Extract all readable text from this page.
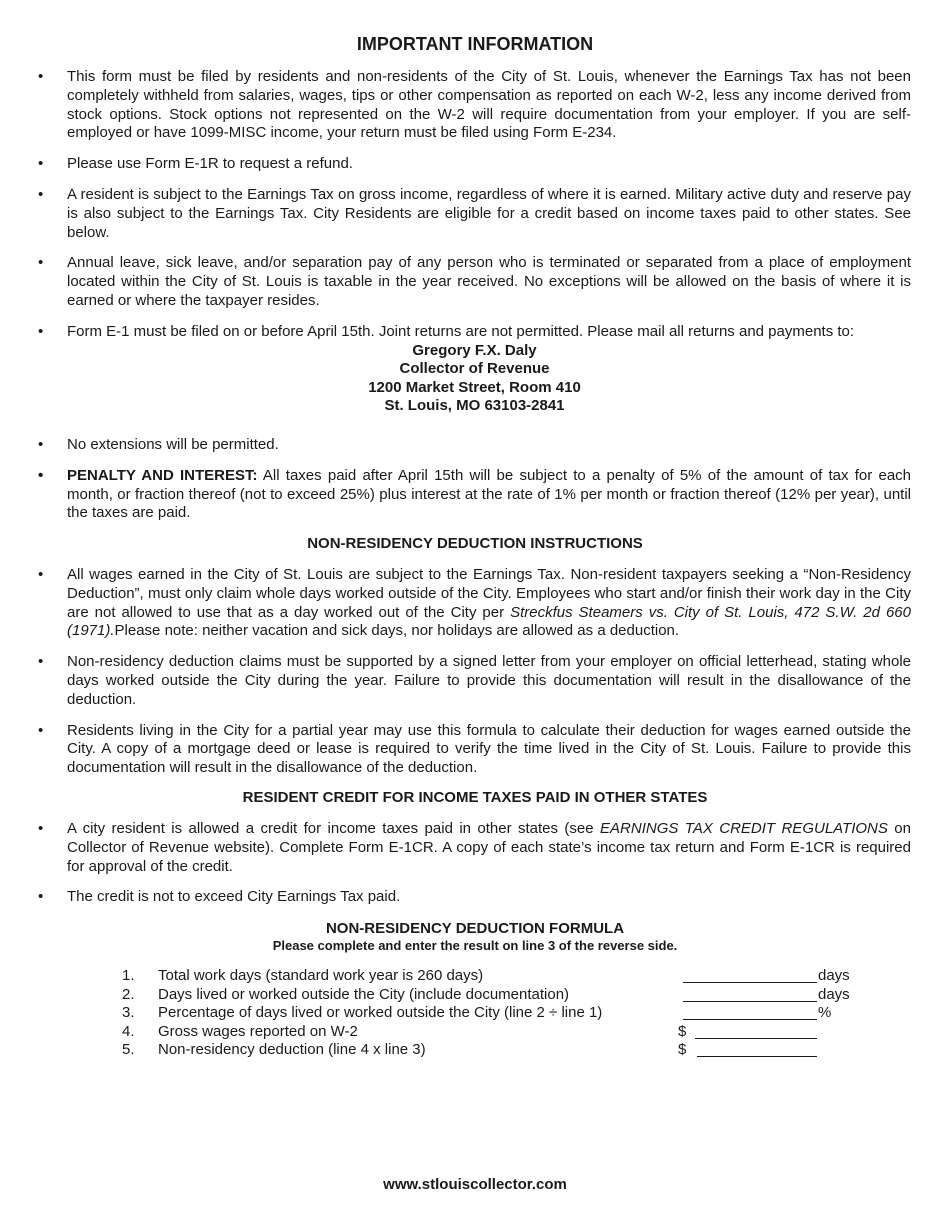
IMPORTANT INFORMATION
• This form must be filed by residents and non-residents of the City of St. Louis, whenever the Earnings Tax has not been completely withheld from salaries, wages, tips or other compensation as reported on each W-2, less any income derived from stock options. Stock options not represented on the W-2 will require documentation from your employer. If you are self-employed or have 1099-MISC income, your return must be filed using Form E-234.
• Please use Form E-1R to request a refund.
• A resident is subject to the Earnings Tax on gross income, regardless of where it is earned. Military active duty and reserve pay is also subject to the Earnings Tax. City Residents are eligible for a credit based on income taxes paid to other states. See below.
• Annual leave, sick leave, and/or separation pay of any person who is terminated or separated from a place of employment located within the City of St. Louis is taxable in the year received. No exceptions will be allowed on the basis of where it is earned or where the taxpayer resides.
• Form E-1 must be filed on or before April 15th. Joint returns are not permitted. Please mail all returns and payments to:
Gregory F.X. Daly
Collector of Revenue
1200 Market Street, Room 410
St. Louis, MO 63103-2841
• No extensions will be permitted.
• PENALTY AND INTEREST: All taxes paid after April 15th will be subject to a penalty of 5% of the amount of tax for each month, or fraction thereof (not to exceed 25%) plus interest at the rate of 1% per month or fraction thereof (12% per year), until the taxes are paid.
NON-RESIDENCY DEDUCTION INSTRUCTIONS
• All wages earned in the City of St. Louis are subject to the Earnings Tax. Non-resident taxpayers seeking a “Non-Residency Deduction”, must only claim whole days worked outside of the City. Employees who start and/or finish their work day in the City are not allowed to use that as a day worked out of the City per Streckfus Steamers vs. City of St. Louis, 472 S.W. 2d 660 (1971).Please note: neither vacation and sick days, nor holidays are allowed as a deduction.
• Non-residency deduction claims must be supported by a signed letter from your employer on official letterhead, stating whole days worked outside the City during the year. Failure to provide this documentation will result in the disallowance of the deduction.
• Residents living in the City for a partial year may use this formula to calculate their deduction for wages earned outside the City. A copy of a mortgage deed or lease is required to verify the time lived in the City of St. Louis. Failure to provide this documentation will result in the disallowance of the deduction.
RESIDENT CREDIT FOR INCOME TAXES PAID IN OTHER STATES
• A city resident is allowed a credit for income taxes paid in other states (see EARNINGS TAX CREDIT REGULATIONS on Collector of Revenue website). Complete Form E-1CR. A copy of each state’s income tax return and Form E-1CR is required for approval of the credit.
• The credit is not to exceed City Earnings Tax paid.
NON-RESIDENCY DEDUCTION FORMULA
Please complete and enter the result on line 3 of the reverse side.
1. Total work days (standard work year is 260 days)	days
2. Days lived or worked outside the City (include documentation)	days
3. Percentage of days lived or worked outside the City (line 2 ÷ line 1)	%
4. Gross wages reported on W-2	$
5. Non-residency deduction (line 4 x line 3)	$
www.stlouiscollector.com
